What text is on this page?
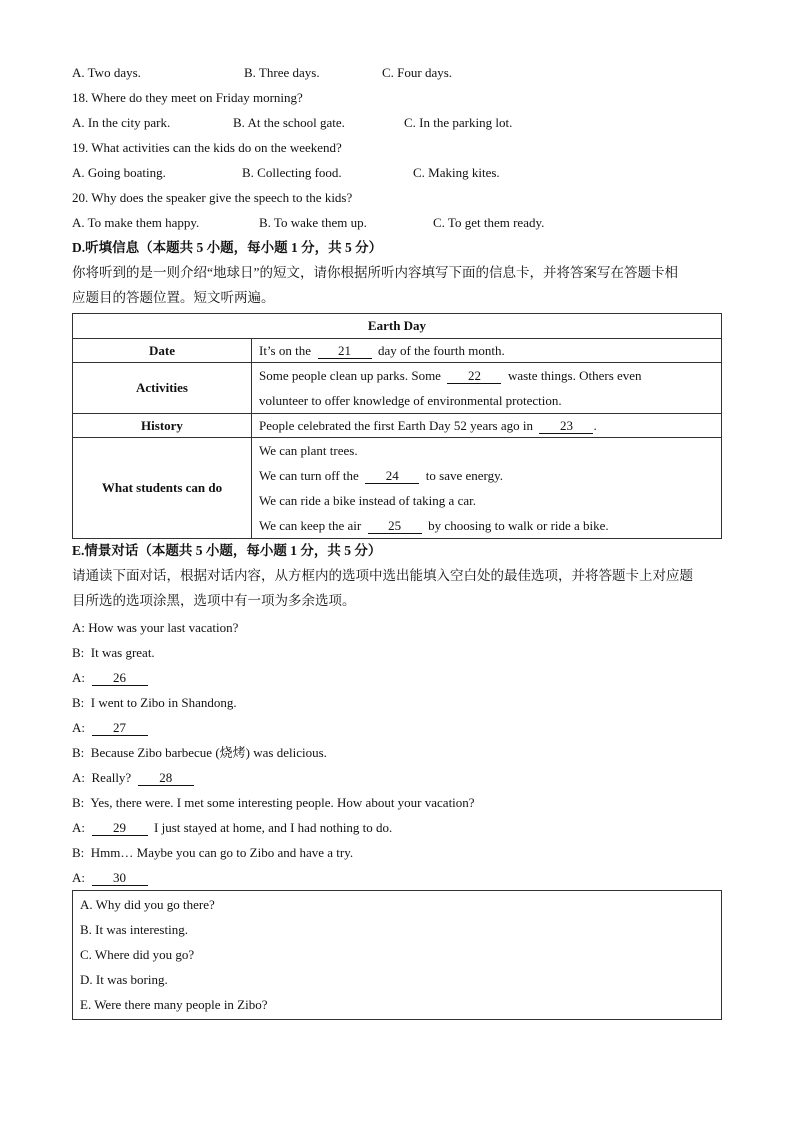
A. Two days.	B. Three days.	C. Four days.
18. Where do they meet on Friday morning?
A. In the city park.	B. At the school gate.	C. In the parking lot.
19. What activities can the kids do on the weekend?
A. Going boating.	B. Collecting food.	C. Making kites.
20. Why does the speaker give the speech to the kids?
A. To make them happy.	B. To wake them up.	C. To get them ready.
D.听填信息（本题共 5 小题，每小题 1 分，共 5 分）
你将听到的是一则介绍“地球日”的短文，请你根据所听内容填写下面的信息卡，并将答案写在答题卡相
应题目的答题位置。短文听两遍。
Earth Day	
Date	It’s on the 21 day of the fourth month.
Activities	Some people clean up parks. Some 22 waste things. Others even
volunteer to offer knowledge of environmental protection.

History	People celebrated the first Earth Day 52 years ago in 23 .
What students can do	We can plant trees.
We can turn off the 24 to save energy.
We can ride a bike instead of taking a car.
We can keep the air 25 by choosing to walk or ride a bike.
E.情景对话（本题共 5 小题，每小题 1 分，共 5 分）
请通读下面对话，根据对话内容，从方框内的选项中选出能填入空白处的最佳选项，并将答题卡上对应题
目所选的选项涂黑，选项中有一项为多余选项。
A: How was your last vacation?
B: It was great.
A: 26
B: I went to Zibo in Shandong.
A: 27
B: Because Zibo barbecue (烧烤) was delicious.
A: Really? 28
B: Yes, there were. I met some interesting people. How about your vacation?
A: 29 I just stayed at home, and I had nothing to do.
B: Hmm… Maybe you can go to Zibo and have a try.
A: 30
A. Why did you go there?
B. It was interesting.
C. Where did you go?
D. It was boring.
E. Were there many people in Zibo?
